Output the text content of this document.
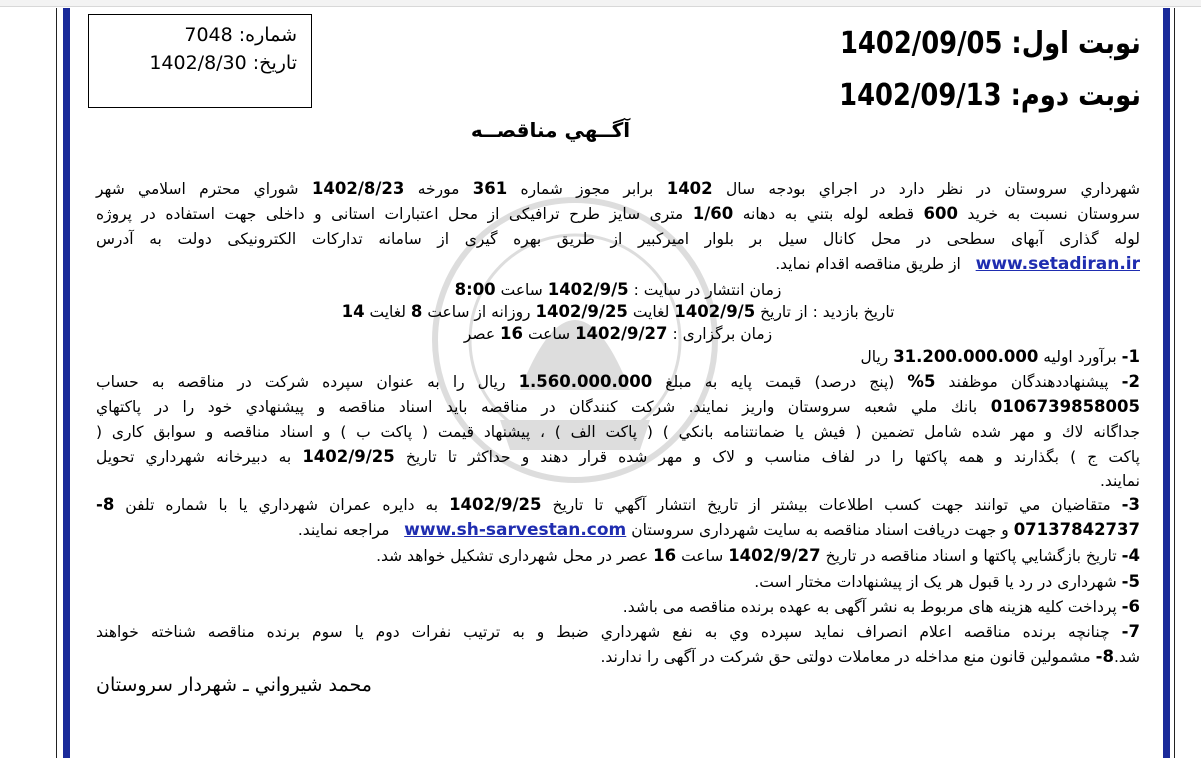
شماره: 7048
تاریخ: 1402/8/30
نوبت اول: 1402/09/05
نوبت دوم: 1402/09/13
آگــهي مناقصــه
شهرداري سروستان در نظر دارد در اجراي بودجه سال 1402 برابر مجوز شماره 361 مورخه 1402/8/23 شوراي محترم اسلامي شهر
سروستان نسبت به خريد 600 قطعه لوله بتني به دهانه 1/60 متری سایز طرح ترافیکی از محل اعتبارات استانی و داخلی جهت استفاده در پروژه
لوله گذاری آبهای سطحی در محل کانال سیل بر بلوار امیرکبیر از طریق بهره گیری از سامانه تدارکات الکترونیکی دولت به آدرس
www.setadiran.ir   از طریق مناقصه اقدام نمايد.
زمان انتشار در سایت : 1402/9/5 ساعت 8:00
تاریخ بازدید : از تاریخ 1402/9/5 لغایت 1402/9/25 روزانه از ساعت 8 لغایت 14
زمان برگزاری : 1402/9/27 ساعت 16 عصر
1- برآورد اولیه 31.200.000.000 ريال
2- پيشنهاددهندگان موظفند 5% (پنج درصد) قیمت پایه به مبلغ 1.560.000.000 ريال را به عنوان سپرده شركت در مناقصه به حساب
0106739858005 بانك ملي شعبه سروستان واريز نمايند. شرکت کنندگان در مناقصه باید اسناد مناقصه و پيشنهادي خود را در پاكتهاي
جداگانه لاك و مهر شده شامل تضمين ( فيش يا ضمانتنامه بانكي ) ( پاكت الف ) ، پیشنهاد قیمت ( پاکت ب ) و اسناد مناقصه و سوابق کاری (
پاکت ج ) بگذارند و همه پاکتها را در لفاف مناسب و لاک و مهر شده قرار دهند و حداکثر تا تاريخ 1402/9/25 به دبيرخانه شهرداري تحويل
نمايند.
3- متقاضيان مي توانند جهت كسب اطلاعات بيشتر از تاريخ انتشار آگهي تا تاريخ 1402/9/25 به دايره عمران شهرداري يا با شماره تلفن 8-
07137842737 و جهت دريافت اسناد مناقصه به سايت شهرداری سروستان www.sh-sarvestan.com   مراجعه نمايند.
4- تاریخ بازگشايي پاكتها و اسناد مناقصه در تاريخ 1402/9/27 ساعت 16 عصر در محل شهرداری تشكيل خواهد شد.
5- شهرداری در رد يا قبول هر يک از پيشنهادات مختار است.
6- پرداخت كليه هزينه های مربوط به نشر آگهی به عهده برنده مناقصه می باشد.
7- چنانچه برنده مناقصه اعلام انصراف نمايد سپرده وي به نفع شهرداري ضبط و به ترتيب نفرات دوم يا سوم برنده مناقصه شناخته خواهند
شد.8- مشمولين قانون منع مداخله در معاملات دولتی حق شرکت در آگهی را ندارند.
محمد شيرواني ـ شهردار سروستان
